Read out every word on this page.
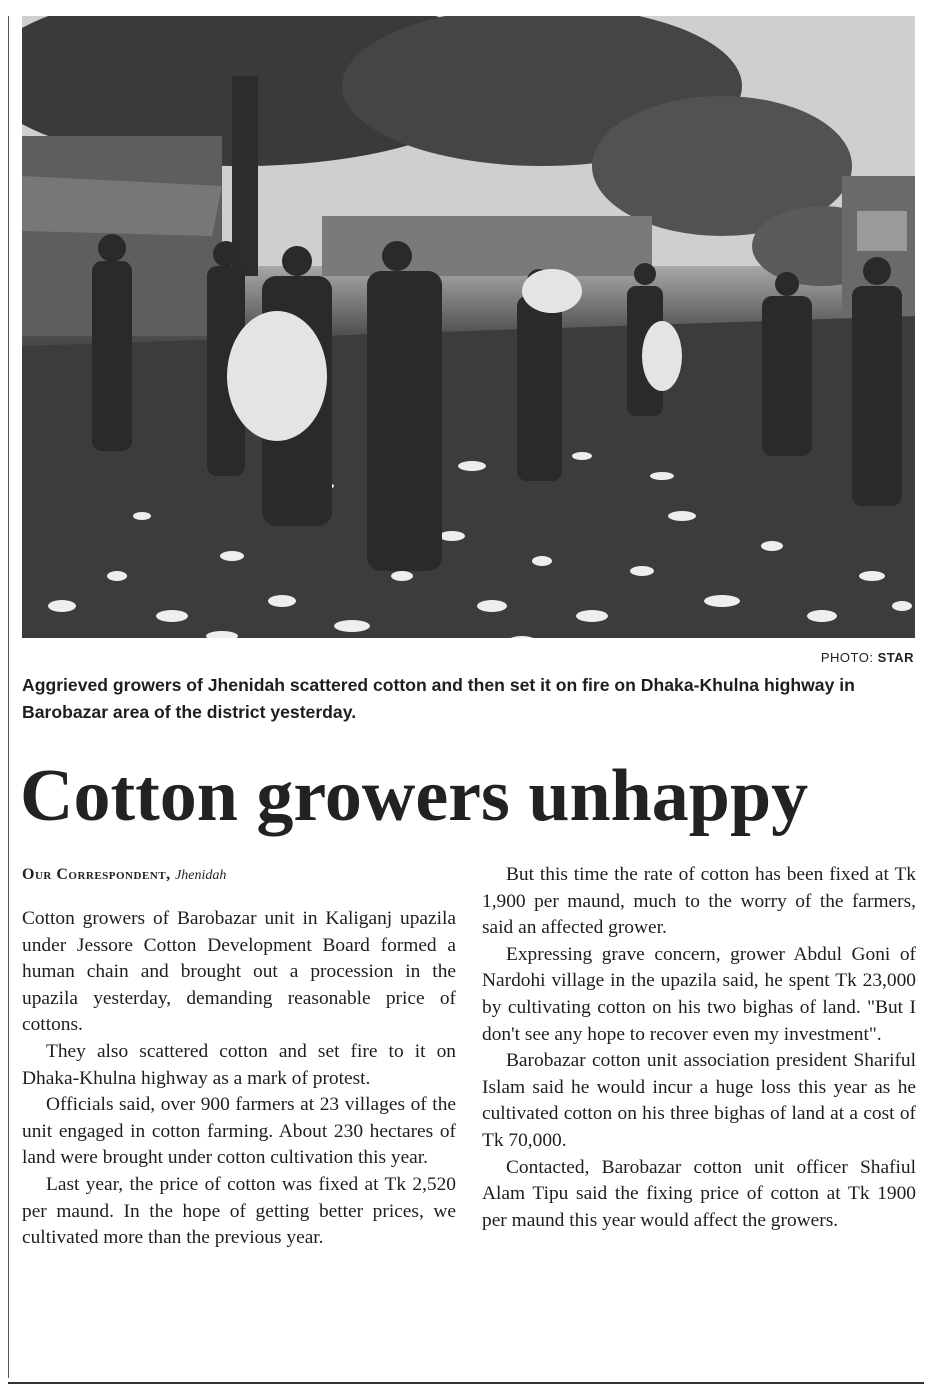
PHOTO: STAR
Aggrieved growers of Jhenidah scattered cotton and then set it on fire on Dhaka-Khulna highway in Barobazar area of the district yesterday.
Cotton growers unhappy
Our Correspondent, Jhenidah

Cotton growers of Barobazar unit in Kaliganj upazila under Jessore Cotton Development Board formed a human chain and brought out a procession in the upazila yesterday, demanding reasonable price of cottons.

They also scattered cotton and set fire to it on Dhaka-Khulna highway as a mark of protest.

Officials said, over 900 farmers at 23 villages of the unit engaged in cotton farming. About 230 hectares of land were brought under cotton cultivation this year.

Last year, the price of cotton was fixed at Tk 2,520 per maund. In the hope of getting better prices, we cultivated more than the previous year.

But this time the rate of cotton has been fixed at Tk 1,900 per maund, much to the worry of the farmers, said an affected grower.

Expressing grave concern, grower Abdul Goni of Nardohi village in the upazila said, he spent Tk 23,000 by cultivating cotton on his two bighas of land. "But I don't see any hope to recover even my investment".

Barobazar cotton unit association president Shariful Islam said he would incur a huge loss this year as he cultivated cotton on his three bighas of land at a cost of Tk 70,000.

Contacted, Barobazar cotton unit officer Shafiul Alam Tipu said the fixing price of cotton at Tk 1900 per maund this year would affect the growers.
